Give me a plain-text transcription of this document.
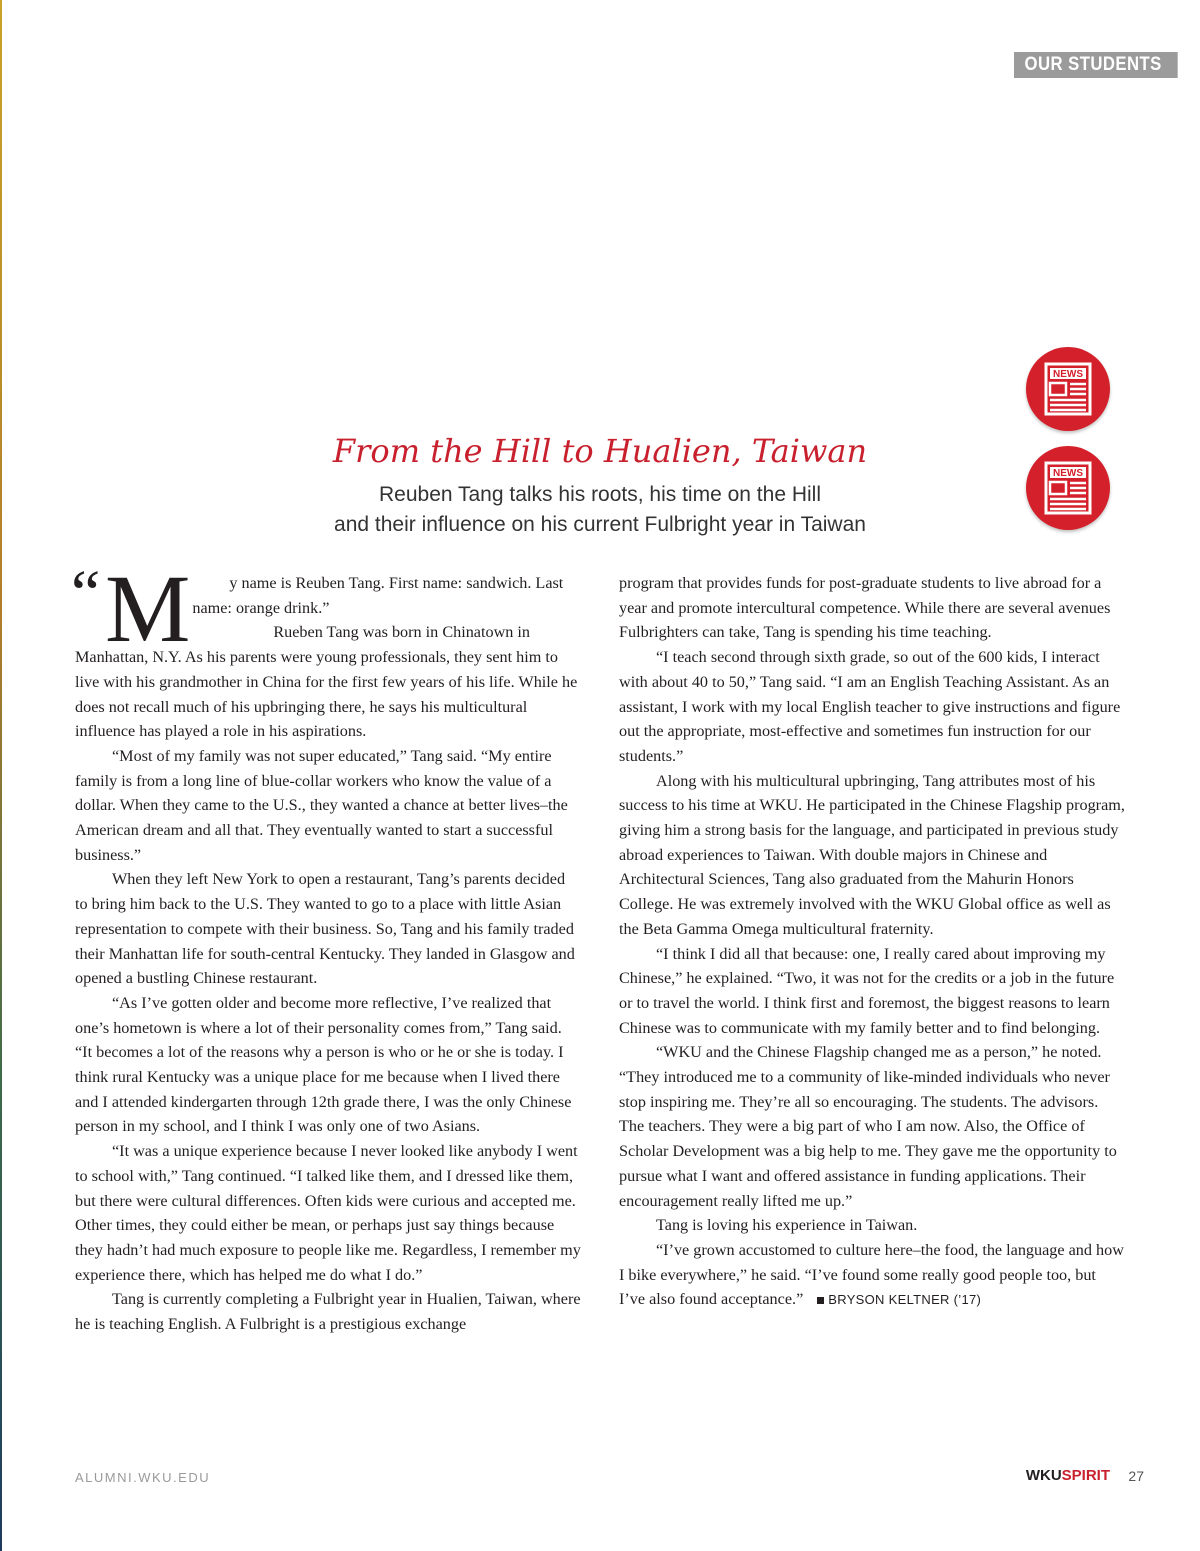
OUR STUDENTS
NEWS
NEWS
From the Hill to Hualien, Taiwan
Reuben Tang talks his roots, his time on the Hill
and their influence on his current Fulbright year in Taiwan
“ M	y name is Reuben Tang. First name: sandwich. Last name: orange drink.”

Rueben Tang was born in Chinatown in Manhattan, N.Y. As his parents were young professionals, they sent him to live with his grandmother in China for the first few years of his life. While he does not recall much of his upbringing there, he says his multicultural influence has played a role in his aspirations.

“Most of my family was not super educated,” Tang said. “My entire family is from a long line of blue-collar workers who know the value of a dollar. When they came to the U.S., they wanted a chance at better lives–the American dream and all that. They eventually wanted to start a successful business.”

When they left New York to open a restaurant, Tang’s parents decided to bring him back to the U.S. They wanted to go to a place with little Asian representation to compete with their business. So, Tang and his family traded their Manhattan life for south-central Kentucky. They landed in Glasgow and opened a bustling Chinese restaurant.

“As I’ve gotten older and become more reflective, I’ve realized that one’s hometown is where a lot of their personality comes from,” Tang said. “It becomes a lot of the reasons why a person is who or he or she is today. I think rural Kentucky was a unique place for me because when I lived there and I attended kindergarten through 12th grade there, I was the only Chinese person in my school, and I think I was only one of two Asians.

“It was a unique experience because I never looked like anybody I went to school with,” Tang continued. “I talked like them, and I dressed like them, but there were cultural differences. Often kids were curious and accepted me. Other times, they could either be mean, or perhaps just say things because they hadn’t had much exposure to people like me. Regardless, I remember my experience there, which has helped me do what I do.”

Tang is currently completing a Fulbright year in Hualien, Taiwan, where he is teaching English. A Fulbright is a prestigious exchange

program that provides funds for post-graduate students to live abroad for a year and promote intercultural competence. While there are several avenues Fulbrighters can take, Tang is spending his time teaching.

“I teach second through sixth grade, so out of the 600 kids, I interact with about 40 to 50,” Tang said. “I am an English Teaching Assistant. As an assistant, I work with my local English teacher to give instructions and figure out the appropriate, most-effective and sometimes fun instruction for our students.”

Along with his multicultural upbringing, Tang attributes most of his success to his time at WKU. He participated in the Chinese Flagship program, giving him a strong basis for the language, and participated in previous study abroad experiences to Taiwan. With double majors in Chinese and Architectural Sciences, Tang also graduated from the Mahurin Honors College. He was extremely involved with the WKU Global office as well as the Beta Gamma Omega multicultural fraternity.

“I think I did all that because: one, I really cared about improving my Chinese,” he explained. “Two, it was not for the credits or a job in the future or to travel the world. I think first and foremost, the biggest reasons to learn Chinese was to communicate with my family better and to find belonging.

“WKU and the Chinese Flagship changed me as a person,” he noted. “They introduced me to a community of like-minded individuals who never stop inspiring me. They’re all so encouraging. The students. The advisors. The teachers. They were a big part of who I am now. Also, the Office of Scholar Development was a big help to me. They gave me the opportunity to pursue what I want and offered assistance in funding applications. Their encouragement really lifted me up.”

Tang is loving his experience in Taiwan.

“I’ve grown accustomed to culture here–the food, the language and how I bike everywhere,” he said. “I’ve found some really good people too, but I’ve also found acceptance.” BRYSON KELTNER (’17)

ALUMNI.WKU.EDU	WKUSPIRIT 27
